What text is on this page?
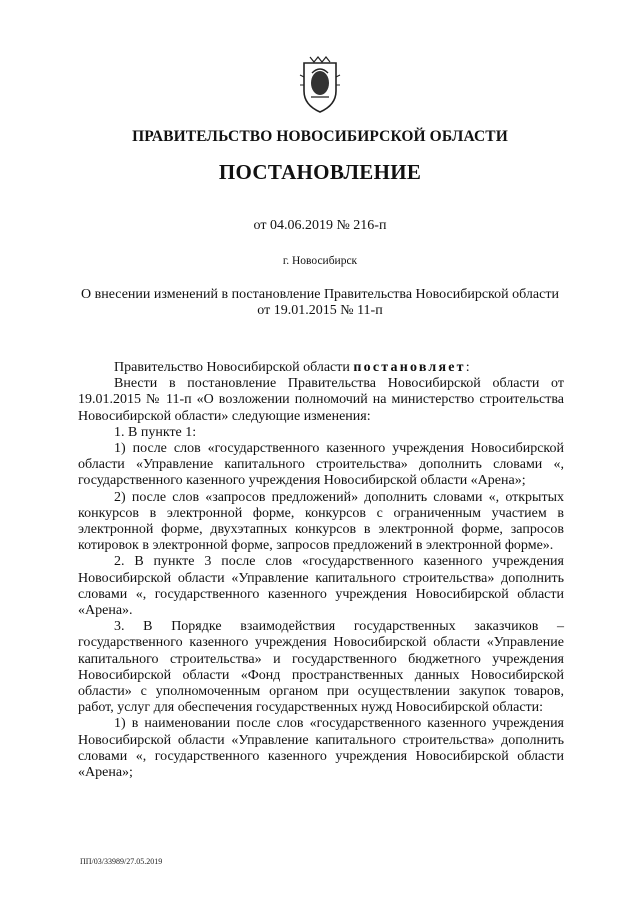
ПРАВИТЕЛЬСТВО НОВОСИБИРСКОЙ ОБЛАСТИ
ПОСТАНОВЛЕНИЕ
от 04.06.2019 № 216-п
г. Новосибирск
О внесении изменений в постановление Правительства Новосибирской области
от 19.01.2015 № 11-п

Правительство Новосибирской области постановляет:

Внести в постановление Правительства Новосибирской области от 19.01.2015 № 11-п «О возложении полномочий на министерство строительства Новосибирской области» следующие изменения:

1. В пункте 1:

1) после слов «государственного казенного учреждения Новосибирской области «Управление капитального строительства» дополнить словами «, государственного казенного учреждения Новосибирской области «Арена»;

2) после слов «запросов предложений» дополнить словами «, открытых конкурсов в электронной форме, конкурсов с ограниченным участием в электронной форме, двухэтапных конкурсов в электронной форме, запросов котировок в электронной форме, запросов предложений в электронной форме».

2. В пункте 3 после слов «государственного казенного учреждения Новосибирской области «Управление капитального строительства» дополнить словами «, государственного казенного учреждения Новосибирской области «Арена».

3. В Порядке взаимодействия государственных заказчиков – государственного казенного учреждения Новосибирской области «Управление капитального строительства» и государственного бюджетного учреждения Новосибирской области «Фонд пространственных данных Новосибирской области» с уполномоченным органом при осуществлении закупок товаров, работ, услуг для обеспечения государственных нужд Новосибирской области:

1) в наименовании после слов «государственного казенного учреждения Новосибирской области «Управление капитального строительства» дополнить словами «, государственного казенного учреждения Новосибирской области «Арена»;

ПП/03/33989/27.05.2019
